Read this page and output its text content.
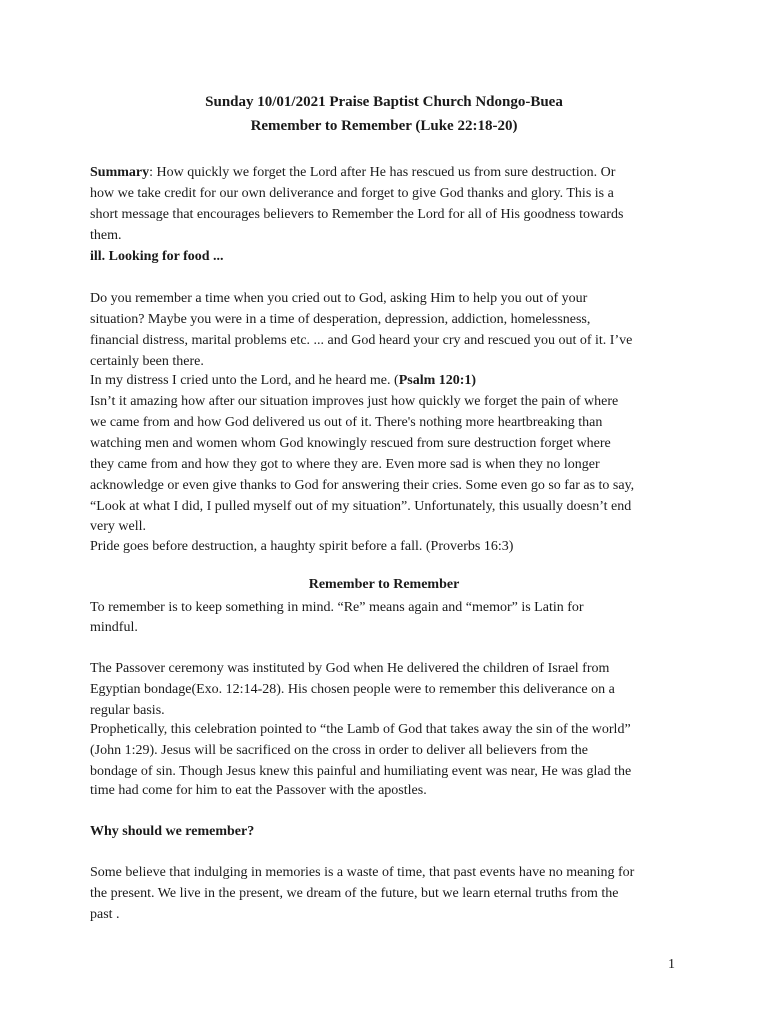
Sunday 10/01/2021 Praise Baptist Church Ndongo-Buea
Remember to Remember (Luke 22:18-20)
Summary: How quickly we forget the Lord after He has rescued us from sure destruction. Or
how we take credit for our own deliverance and forget to give God thanks and glory. This is a
short message that encourages believers to Remember the Lord for all of His goodness towards
them.
ill. Looking for food ...
Do you remember a time when you cried out to God, asking Him to help you out of your
situation? Maybe you were in a time of desperation, depression, addiction, homelessness,
financial distress, marital problems etc. ... and God heard your cry and rescued you out of it. I’ve
certainly been there.
In my distress I cried unto the Lord, and he heard me. (Psalm 120:1)
Isn’t it amazing how after our situation improves just how quickly we forget the pain of where
we came from and how God delivered us out of it. There's nothing more heartbreaking than
watching men and women whom God knowingly rescued from sure destruction forget where
they came from and how they got to where they are. Even more sad is when they no longer
acknowledge or even give thanks to God for answering their cries. Some even go so far as to say,
“Look at what I did, I pulled myself out of my situation”. Unfortunately, this usually doesn’t end
very well.
Pride goes before destruction, a haughty spirit before a fall. (Proverbs 16:3)
Remember to Remember
To remember is to keep something in mind. “Re” means again and “memor” is Latin for
mindful.
The Passover ceremony was instituted by God when He delivered the children of Israel from
Egyptian bondage(Exo. 12:14-28). His chosen people were to remember this deliverance on a
regular basis.
Prophetically, this celebration pointed to “the Lamb of God that takes away the sin of the world”
(John 1:29). Jesus will be sacrificed on the cross in order to deliver all believers from the
bondage of sin. Though Jesus knew this painful and humiliating event was near, He was glad the
time had come for him to eat the Passover with the apostles.
Why should we remember?
Some believe that indulging in memories is a waste of time, that past events have no meaning for
the present. We live in the present, we dream of the future, but we learn eternal truths from the
past .
1
